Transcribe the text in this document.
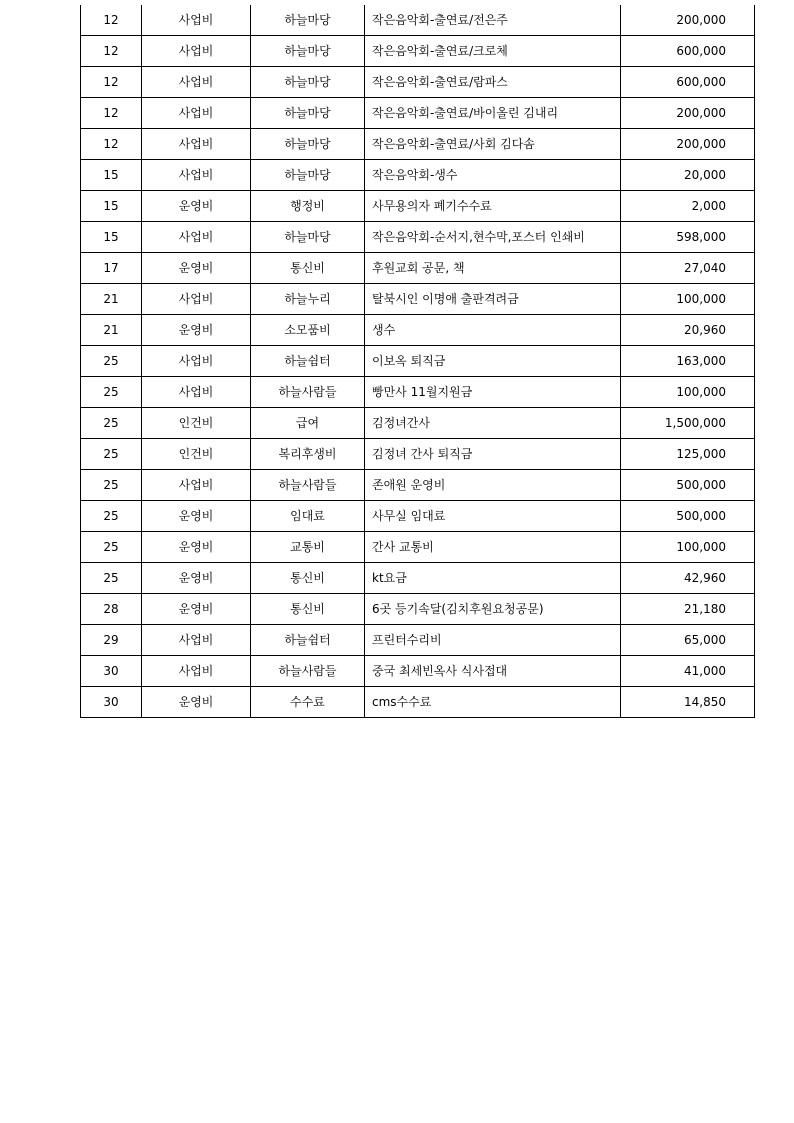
12	사업비	하늘마당	작은음악회-출연료/전은주	200,000
12	사업비	하늘마당	작은음악회-출연료/크로체	600,000
12	사업비	하늘마당	작은음악회-출연료/람파스	600,000
12	사업비	하늘마당	작은음악회-출연료/바이올린 김내리	200,000
12	사업비	하늘마당	작은음악회-출연료/사회 김다솜	200,000
15	사업비	하늘마당	작은음악회-생수	20,000
15	운영비	행정비	사무용의자 폐기수수료	2,000
15	사업비	하늘마당	작은음악회-순서지,현수막,포스터 인쇄비	598,000
17	운영비	통신비	후원교회 공문, 책	27,040
21	사업비	하늘누리	탈북시인 이명애 출판격려금	100,000
21	운영비	소모품비	생수	20,960
25	사업비	하늘쉼터	이보옥 퇴직금	163,000
25	사업비	하늘사람들	빵만사 11월지원금	100,000
25	인건비	급여	김정녀간사	1,500,000
25	인건비	복리후생비	김정녀 간사 퇴직금	125,000
25	사업비	하늘사람들	존애원 운영비	500,000
25	운영비	임대료	사무실 임대료	500,000
25	운영비	교통비	간사 교통비	100,000
25	운영비	통신비	kt요금	42,960
28	운영비	통신비	6곳 등기속달(김치후원요청공문)	21,180
29	사업비	하늘쉼터	프린터수리비	65,000
30	사업비	하늘사람들	중국 최세빈옥사 식사접대	41,000
30	운영비	수수료	cms수수료	14,850
